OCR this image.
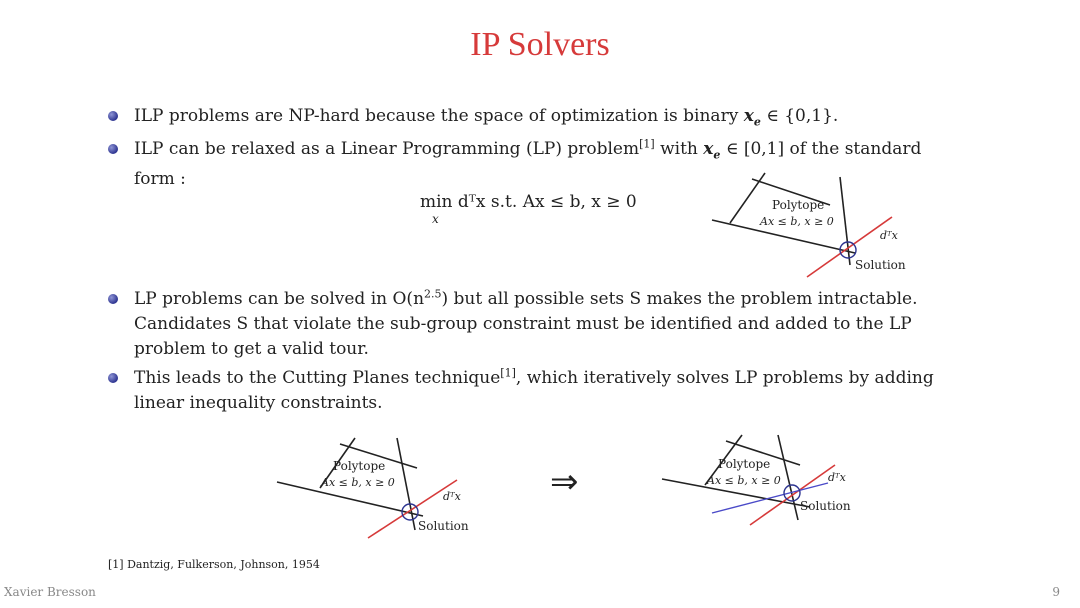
IP Solvers
ILP problems are NP-hard because the space of optimization is binary $x_e$ ∈ {0,1}.
ILP can be relaxed as a Linear Programming (LP) problem[1] with $x_e$ ∈ [0,1] of the standard
form :
LP problems can be solved in $O(n^{2.5})$ but all possible sets S makes the problem intractable.
Candidates S that violate the sub-group constraint must be identified and added to the LP
problem to get a valid tour.
This leads to the Cutting Planes technique[1], which iteratively solves LP problems by adding
linear inequality constraints.
min dᵀx s.t. Ax ≤ b, x ≥ 0
x
Polytope
Ax ≤ b, x ≥ 0
dᵀx
Solution
Polytope
Ax ≤ b, x ≥ 0
dᵀx
Solution
⇒	Polytope
Ax ≤ b, x ≥ 0	dᵀx
Solution
[1] Dantzig, Fulkerson, Johnson, 1954
Xavier Bresson	9
